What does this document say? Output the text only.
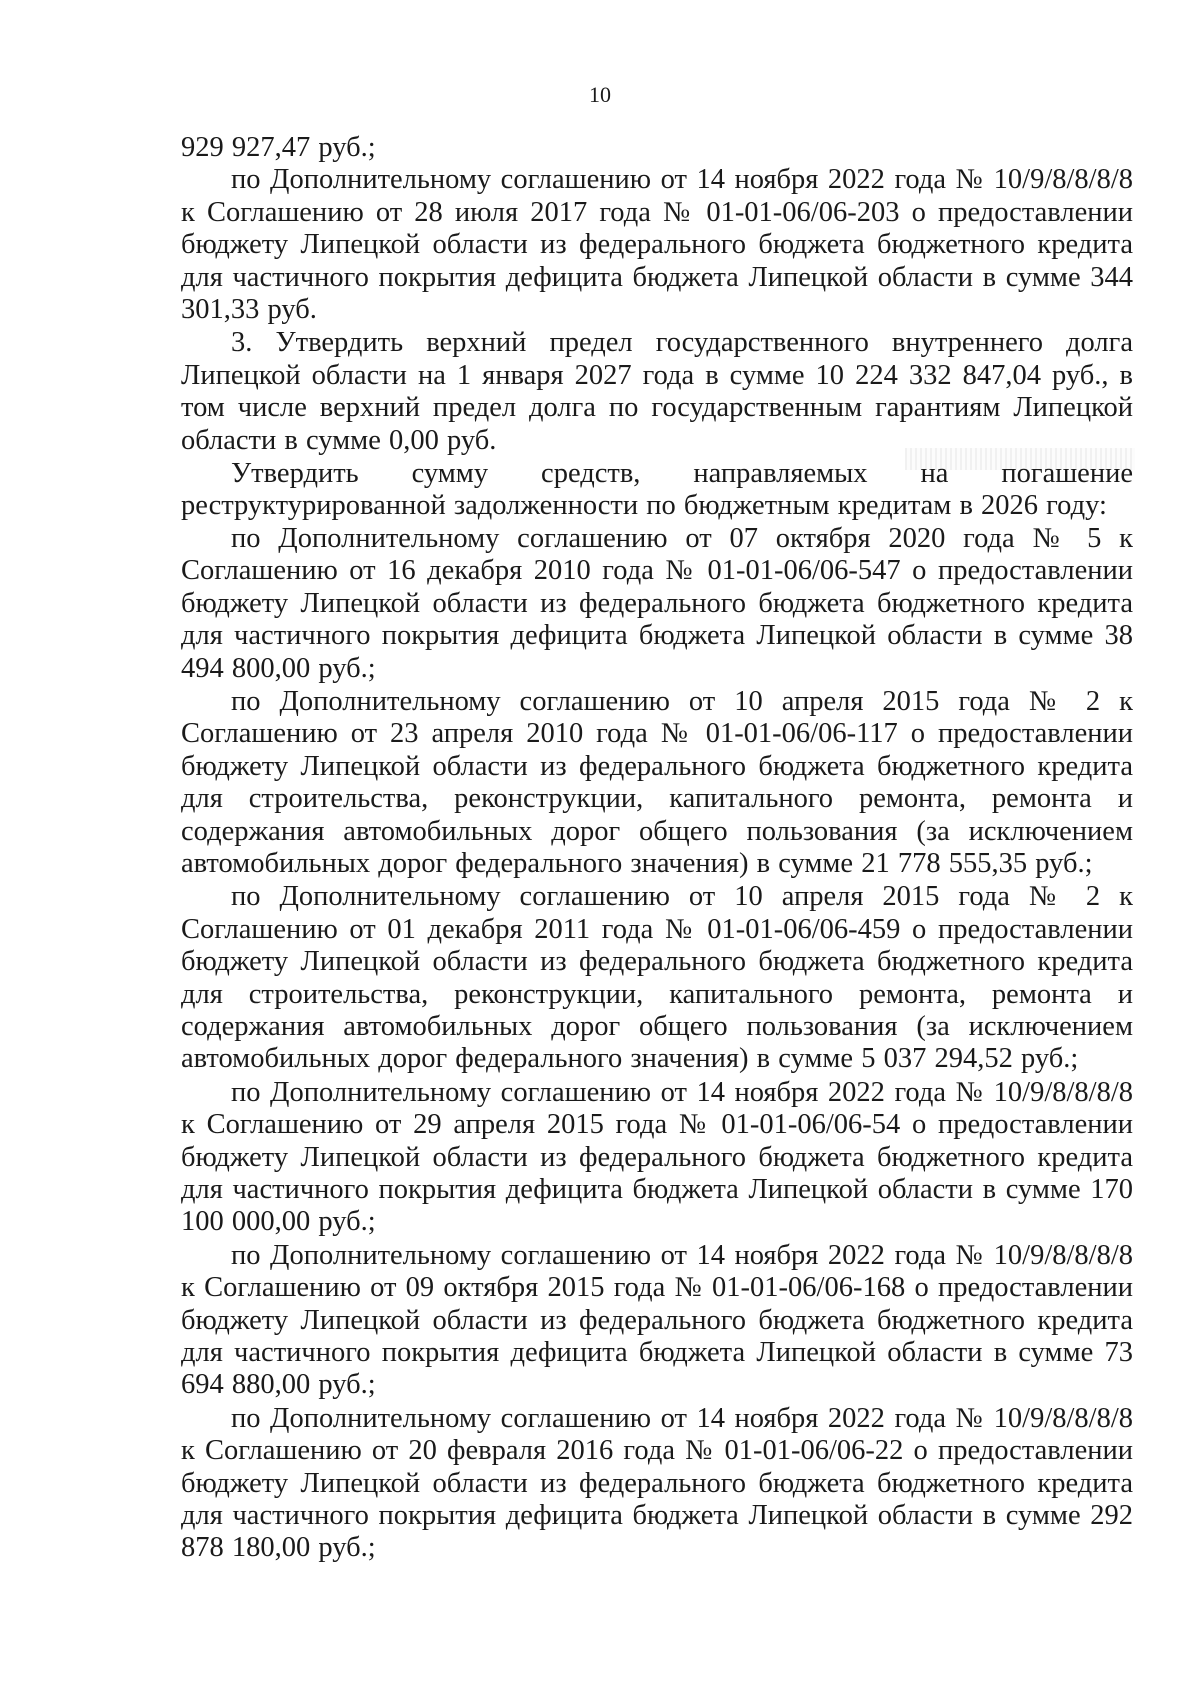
10

929 927,47 руб.;

по Дополнительному соглашению от 14 ноября 2022 года № 10/9/8/8/8/8 к Соглашению от 28 июля 2017 года № 01-01-06/06-203 о предоставлении бюджету Липецкой области из федерального бюджета бюджетного кредита для частичного покрытия дефицита бюджета Липецкой области в сумме 344 301,33 руб.

3. Утвердить верхний предел государственного внутреннего долга Липецкой области на 1 января 2027 года в сумме 10 224 332 847,04 руб., в том числе верхний предел долга по государственным гарантиям Липецкой области в сумме 0,00 руб.

Утвердить сумму средств, направляемых на погашение реструктурированной задолженности по бюджетным кредитам в 2026 году:

по Дополнительному соглашению от 07 октября 2020 года № 5 к Соглашению от 16 декабря 2010 года № 01-01-06/06-547 о предоставлении бюджету Липецкой области из федерального бюджета бюджетного кредита для частичного покрытия дефицита бюджета Липецкой области в сумме 38 494 800,00 руб.;

по Дополнительному соглашению от 10 апреля 2015 года № 2 к Соглашению от 23 апреля 2010 года № 01-01-06/06-117 о предоставлении бюджету Липецкой области из федерального бюджета бюджетного кредита для строительства, реконструкции, капитального ремонта, ремонта и содержания автомобильных дорог общего пользования (за исключением автомобильных дорог федерального значения) в сумме 21 778 555,35 руб.;

по Дополнительному соглашению от 10 апреля 2015 года № 2 к Соглашению от 01 декабря 2011 года № 01-01-06/06-459 о предоставлении бюджету Липецкой области из федерального бюджета бюджетного кредита для строительства, реконструкции, капитального ремонта, ремонта и содержания автомобильных дорог общего пользования (за исключением автомобильных дорог федерального значения) в сумме 5 037 294,52 руб.;

по Дополнительному соглашению от 14 ноября 2022 года № 10/9/8/8/8/8 к Соглашению от 29 апреля 2015 года № 01-01-06/06-54 о предоставлении бюджету Липецкой области из федерального бюджета бюджетного кредита для частичного покрытия дефицита бюджета Липецкой области в сумме 170 100 000,00 руб.;

по Дополнительному соглашению от 14 ноября 2022 года № 10/9/8/8/8/8 к Соглашению от 09 октября 2015 года № 01-01-06/06-168 о предоставлении бюджету Липецкой области из федерального бюджета бюджетного кредита для частичного покрытия дефицита бюджета Липецкой области в сумме 73 694 880,00 руб.;

по Дополнительному соглашению от 14 ноября 2022 года № 10/9/8/8/8/8 к Соглашению от 20 февраля 2016 года № 01-01-06/06-22 о предоставлении бюджету Липецкой области из федерального бюджета бюджетного кредита для частичного покрытия дефицита бюджета Липецкой области в сумме 292 878 180,00 руб.;
